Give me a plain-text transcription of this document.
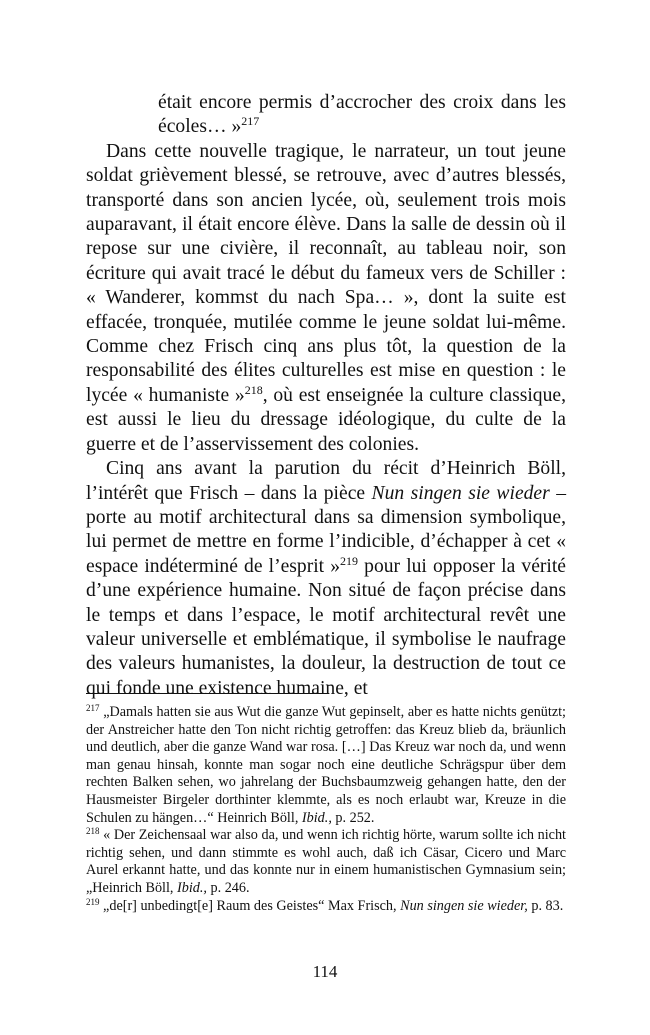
était encore permis d’accrocher des croix dans les écoles… »$^{217}$

Dans cette nouvelle tragique, le narrateur, un tout jeune soldat grièvement blessé, se retrouve, avec d’autres blessés, transporté dans son ancien lycée, où, seulement trois mois auparavant, il était encore élève. Dans la salle de dessin où il repose sur une civière, il reconnaît, au tableau noir, son écriture qui avait tracé le début du fameux vers de Schiller : « Wanderer, kommst du nach Spa… », dont la suite est effacée, tronquée, mutilée comme le jeune soldat lui-même. Comme chez Frisch cinq ans plus tôt, la question de la responsabilité des élites culturelles est mise en question : le lycée « humaniste »$^{218}$, où est enseignée la culture classique, est aussi le lieu du dressage idéologique, du culte de la guerre et de l’asservissement des colonies.

Cinq ans avant la parution du récit d’Heinrich Böll, l’intérêt que Frisch – dans la pièce Nun singen sie wieder – porte au motif architectural dans sa dimension symbolique, lui permet de mettre en forme l’indicible, d’échapper à cet « espace indéterminé de l’esprit »$^{219}$ pour lui opposer la vérité d’une expérience humaine. Non situé de façon précise dans le temps et dans l’espace, le motif architectural revêt une valeur universelle et emblématique, il symbolise le naufrage des valeurs humanistes, la douleur, la destruction de tout ce qui fonde une existence humaine, et

$^{217}$ „Damals hatten sie aus Wut die ganze Wut gepinselt, aber es hatte nichts genützt; der Anstreicher hatte den Ton nicht richtig getroffen: das Kreuz blieb da, bräunlich und deutlich, aber die ganze Wand war rosa. […] Das Kreuz war noch da, und wenn man genau hinsah, konnte man sogar noch eine deutliche Schrägspur über dem rechten Balken sehen, wo jahrelang der Buchsbaumzweig gehangen hatte, den der Hausmeister Birgeler dorthinter klemmte, als es noch erlaubt war, Kreuze in die Schulen zu hängen…“ Heinrich Böll, Ibid., p. 252.

$^{218}$ « Der Zeichensaal war also da, und wenn ich richtig hörte, warum sollte ich nicht richtig sehen, und dann stimmte es wohl auch, daß ich Cäsar, Cicero und Marc Aurel erkannt hatte, und das konnte nur in einem humanistischen Gymnasium sein; „Heinrich Böll, Ibid., p. 246.

$^{219}$ „de[r] unbedingt[e] Raum des Geistes“ Max Frisch, Nun singen sie wieder, p. 83.

114
